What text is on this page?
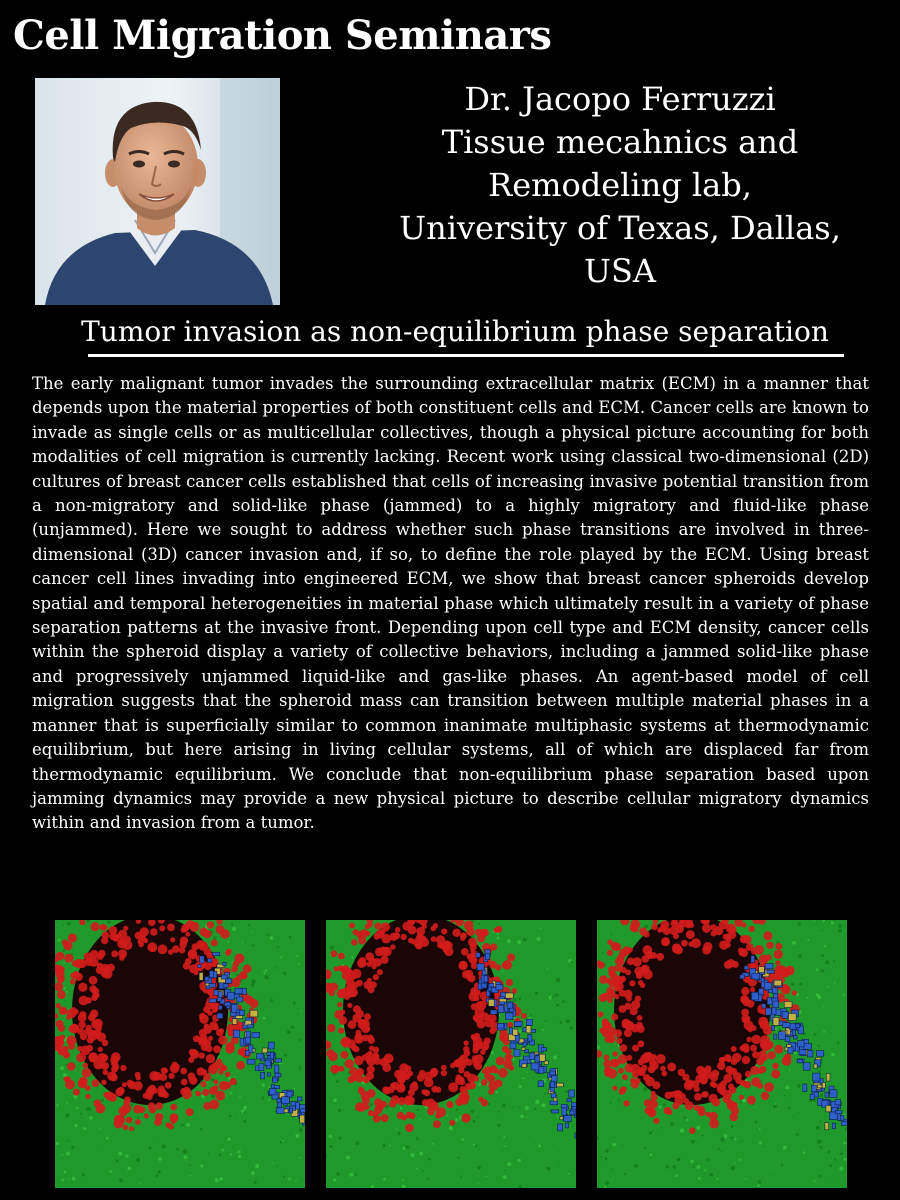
Cell Migration Seminars
Dr. Jacopo Ferruzzi
Tissue mecahnics and
Remodeling lab,
University of Texas, Dallas,
USA
Tumor invasion as non-equilibrium phase separation

The early malignant tumor invades the surrounding extracellular matrix (ECM) in a manner that depends upon the material properties of both constituent cells and ECM. Cancer cells are known to invade as single cells or as multicellular collectives, though a physical picture accounting for both modalities of cell migration is currently lacking. Recent work using classical two-dimensional (2D) cultures of breast cancer cells established that cells of increasing invasive potential transition from a non-migratory and solid-like phase (jammed) to a highly migratory and fluid-like phase (unjammed). Here we sought to address whether such phase transitions are involved in three-dimensional (3D) cancer invasion and, if so, to define the role played by the ECM. Using breast cancer cell lines invading into engineered ECM, we show that breast cancer spheroids develop spatial and temporal heterogeneities in material phase which ultimately result in a variety of phase separation patterns at the invasive front. Depending upon cell type and ECM density, cancer cells within the spheroid display a variety of collective behaviors, including a jammed solid-like phase and progressively unjammed liquid-like and gas-like phases. An agent-based model of cell migration suggests that the spheroid mass can transition between multiple material phases in a manner that is superficially similar to common inanimate multiphasic systems at thermodynamic equilibrium, but here arising in living cellular systems, all of which are displaced far from thermodynamic equilibrium. We conclude that non-equilibrium phase separation based upon jamming dynamics may provide a new physical picture to describe cellular migratory dynamics within and invasion from a tumor.
